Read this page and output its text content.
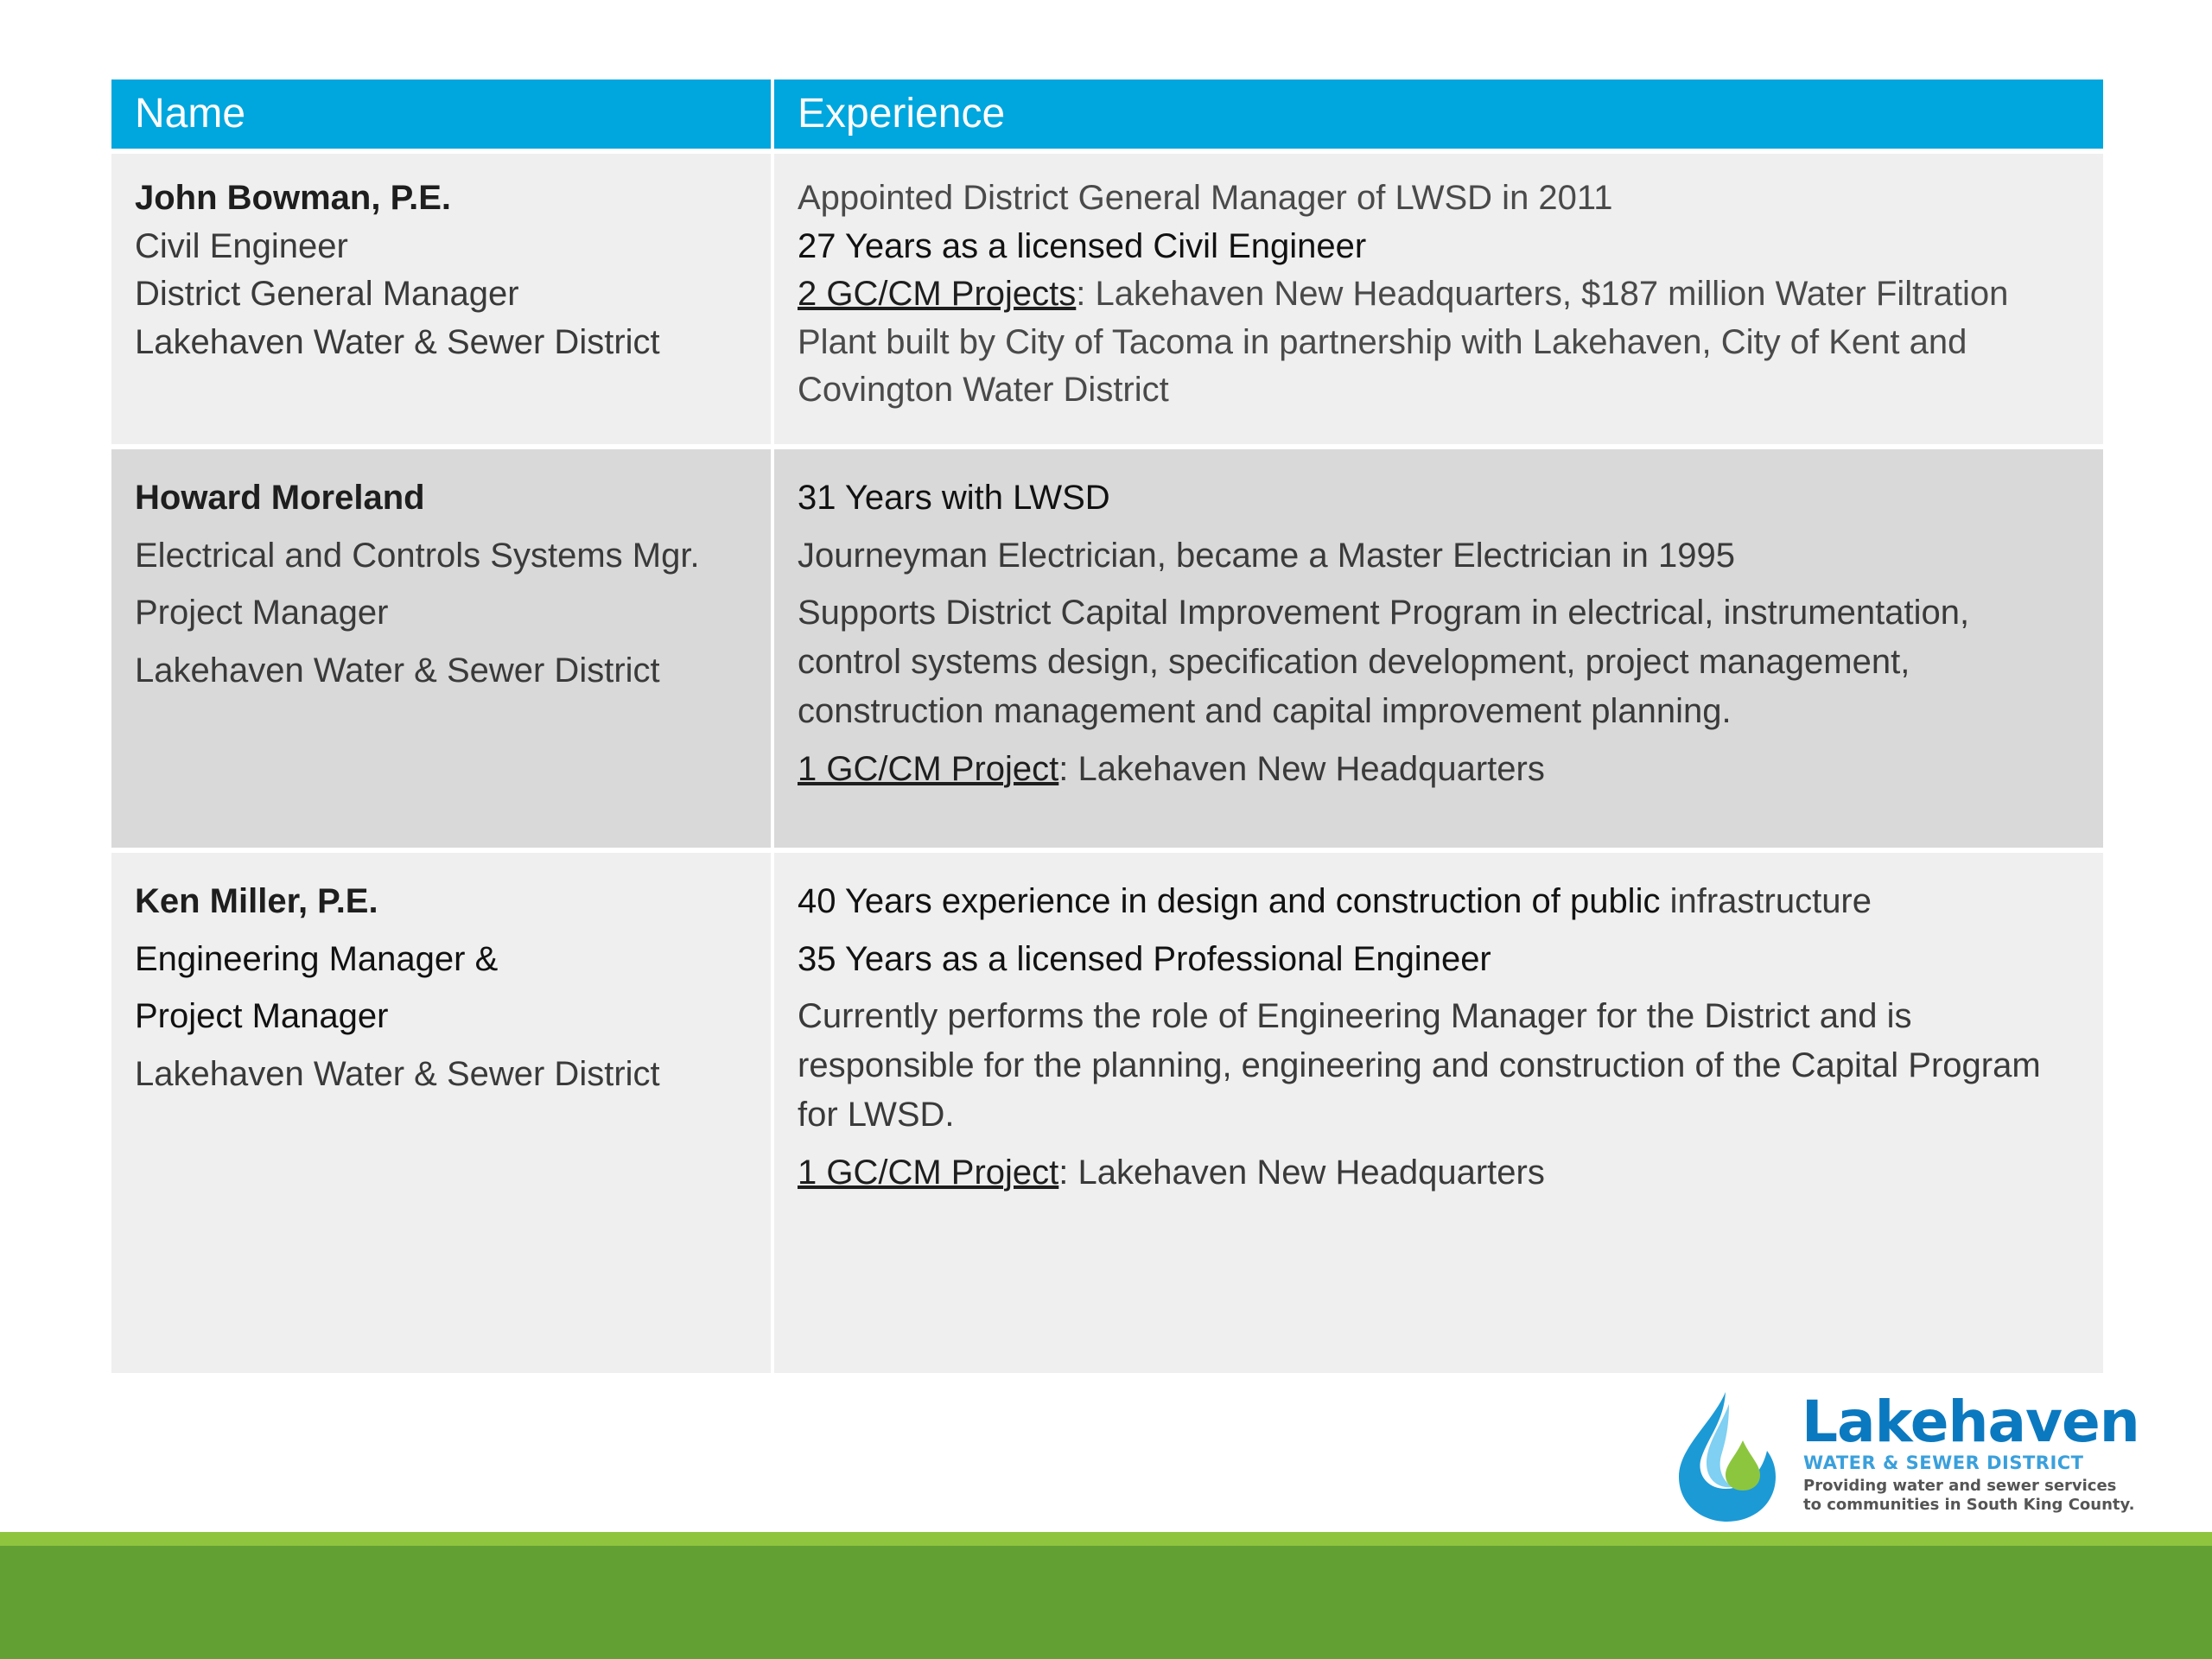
Name	Experience
John Bowman, P.E.
Civil Engineer
District General Manager
Lakehaven Water & Sewer District
Appointed District General Manager of LWSD in 2011
27 Years as a licensed Civil Engineer
2 GC/CM Projects: Lakehaven New Headquarters, $187 million Water Filtration Plant built by City of Tacoma in partnership with Lakehaven, City of Kent and Covington Water District
Howard Moreland
Electrical and Controls Systems Mgr.
Project Manager
Lakehaven Water & Sewer District
31 Years with LWSD
Journeyman Electrician, became a Master Electrician in 1995
Supports District Capital Improvement Program in electrical, instrumentation, control systems design, specification development, project management, construction management and capital improvement planning.
1 GC/CM Project: Lakehaven New Headquarters
Ken Miller, P.E.
Engineering Manager &
Project Manager
Lakehaven Water & Sewer District
40 Years experience in design and construction of public infrastructure
35 Years as a licensed Professional Engineer
Currently performs the role of Engineering Manager for the District and is responsible for the planning, engineering and construction of the Capital Program for LWSD.
1 GC/CM Project: Lakehaven New Headquarters
Lakehaven
WATER & SEWER DISTRICT
Providing water and sewer services
to communities in South King County.
